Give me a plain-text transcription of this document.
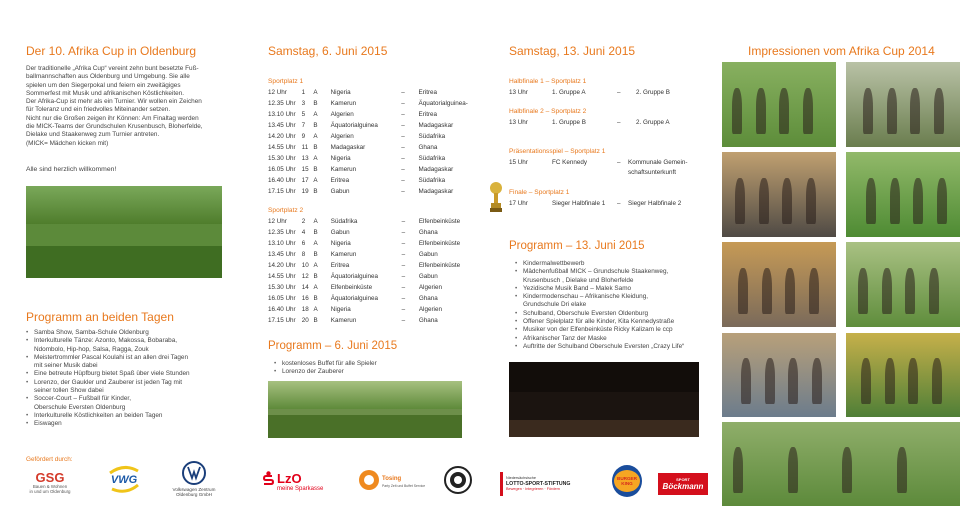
Der 10. Afrika Cup in Oldenburg

Der traditionelle „Afrika Cup“ vereint zehn bunt besetzte Fuß-

ballmannschaften aus Oldenburg und Umgebung. Sie alle

spielen um den Siegerpokal und feiern ein zweitägiges

Sommerfest mit Musik und afrikanischen Köstlichkeiten.

Der Afrika-Cup ist mehr als ein Turnier. Wir wollen ein Zeichen

für Toleranz und ein friedvolles Miteinander setzen.

Nicht nur die Großen zeigen ihr Können: Am Finaltag werden

die MICK-Teams der Grundschulen Krusenbusch, Bloherfelde,

Dielake und Staakenweg zum Turnier antreten.

(MICK= Mädchen kicken mit)

Alle sind herzlich willkommen!
Programm an beiden Tagen
• Samba Show, Samba-Schule Oldenburg
• Interkulturelle Tänze: Azonto, Makossa, Bobaraba,
Ndombolo, Hip-hop, Salsa, Ragga, Zouk
• Meistertrommler Pascal Koulahi ist an allen drei Tagen
mit seiner Musik dabei
• Eine betreute Hüpfburg bietet Spaß über viele Stunden
• Lorenzo, der Gaukler und Zauberer ist jeden Tag mit
seiner tollen Show dabei
• Soccer-Court – Fußball für Kinder,
Oberschule Eversten Oldenburg
• Interkulturelle Köstlichkeiten an beiden Tagen
• Eiswagen
Gefördert durch:
Samstag, 6. Juni 2015
Sportplatz 1
12 Uhr	1	A	Nigeria	–	Eritrea
12.35 Uhr	3	B	Kamerun	–	Äquatorialguinea-
13.10 Uhr	5	A	Algerien	–	Eritrea
13.45 Uhr	7	B	Äquatorialguinea	–	Madagaskar
14.20 Uhr	9	A	Algerien	–	Südafrika
14.55 Uhr	11	B	Madagaskar	–	Ghana
15.30 Uhr	13	A	Nigeria	–	Südafrika
16.05 Uhr	15	B	Kamerun	–	Madagaskar
16.40 Uhr	17	A	Eritrea	–	Südafrika
17.15 Uhr	19	B	Gabun	–	Madagaskar
Sportplatz 2
12 Uhr	2	A	Südafrika	–	Elfenbeinküste
12.35 Uhr	4	B	Gabun	–	Ghana
13.10 Uhr	6	A	Nigeria	–	Elfenbeinküste
13.45 Uhr	8	B	Kamerun	–	Gabun
14.20 Uhr	10	A	Eritrea	–	Elfenbeinküste
14.55 Uhr	12	B	Äquatorialguinea	–	Gabun
15.30 Uhr	14	A	Elfenbeinküste	–	Algerien
16.05 Uhr	16	B	Äquatorialguinea	–	Ghana
16.40 Uhr	18	A	Nigeria	–	Algerien
17.15 Uhr	20	B	Kamerun	–	Ghana
Programm – 6. Juni 2015
• kostenloses Buffet für alle Spieler
• Lorenzo der Zauberer
Samstag, 13. Juni 2015
Halbfinale 1 – Sportplatz 1
13 Uhr	1. Gruppe A	– 2. Gruppe B
Halbfinale 2 – Sportplatz 2
13 Uhr	1. Gruppe B	– 2. Gruppe A
Präsentationsspiel – Sportplatz 1
15 Uhr	FC Kennedy	– Kommunale Gemein-
schaftsunterkunft
Finale – Sportplatz 1
17 Uhr	Sieger Halbfinale 1 – Sieger Halbfinale 2
Programm – 13. Juni 2015
• Kindermalwettbewerb
• Mädchenfußball MICK – Grundschule Staakenweg,
Krusenbusch , Dielake und Bloherfelde
• Yezidische Musik Band – Malek Samo
• Kindermodenschau – Afrikanische Kleidung,
Grundschule Dri elake
• Schulband, Oberschule Eversten Oldenburg
• Offener Spielplatz für alle Kinder, Kita Kennedystraße
• Musiker von der Elfenbeinküste Ricky Kalizam le ccp
• Afrikanischer Tanz der Maske
• Auftritte der Schulband Oberschule Eversten „Crazy Life“
Impressionen vom Afrika Cup 2014
GSG
Bauen & Wohnen
in und um Oldenburg
VWG
Volkswagen Zentrum
Oldenburg GmbH
LzO
meine Sparkasse
Tosing
Party Zelt und Buffet Service
Niedersächsische
LOTTO-SPORT-STIFTUNG
Bewegen · Integrieren · Fördern
BURGER
KING
SPORT
Böckmann
